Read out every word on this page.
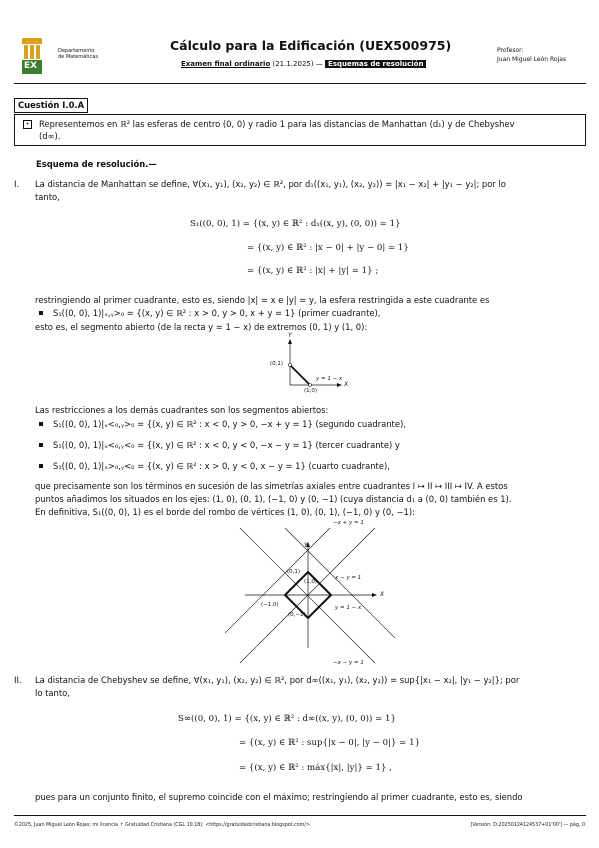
EX
Departamento
de Matemáticas
Cálculo para la Edificación (UEX500975)
Examen final ordinario (21.1.2025) — Esquemas de resolución
Profesor:
Juan Miguel León Rojas
Cuestión I.0.A
•	Representemos en ℝ² las esferas de centro (0, 0) y radio 1 para las distancias de Manhattan (d₁) y de Chebyshev
(d∞).
Esquema de resolución.—
I. La distancia de Manhattan se define, ∀(x₁, y₁), (x₂, y₂) ∈ ℝ², por d₁((x₁, y₁), (x₂, y₂)) = |x₁ − x₂| + |y₁ − y₂|; por lo
tanto,
S₁((0, 0), 1) = {(x, y) ∈ ℝ² : d₁((x, y), (0, 0)) = 1}
= {(x, y) ∈ ℝ² : |x − 0| + |y − 0| = 1}
= {(x, y) ∈ ℝ² : |x| + |y| = 1} ;
restringiendo al primer cuadrante, esto es, siendo |x| = x e |y| = y, la esfera restringida a este cuadrante es
S₁((0, 0), 1)|ₓ,ᵧ>₀ = {(x, y) ∈ ℝ² : x > 0, y > 0, x + y = 1} (primer cuadrante),
esto es, el segmento abierto (de la recta y = 1 − x) de extremos (0, 1) y (1, 0):
Y
X
(0,1)
(1,0)
y = 1 − x
Las restricciones a los demás cuadrantes son los segmentos abiertos:
S₁((0, 0), 1)|ₓ<₀,ᵧ>₀ = {(x, y) ∈ ℝ² : x < 0, y > 0, −x + y = 1} (segundo cuadrante),
S₁((0, 0), 1)|ₓ<₀,ᵧ<₀ = {(x, y) ∈ ℝ² : x < 0, y < 0, −x − y = 1} (tercer cuadrante) y
S₁((0, 0), 1)|ₓ>₀,ᵧ<₀ = {(x, y) ∈ ℝ² : x > 0, y < 0, x − y = 1} (cuarto cuadrante),
que precisamente son los términos en sucesión de las simetrías axiales entre cuadrantes I ↦ II ↦ III ↦ IV. A estos
puntos añadimos los situados en los ejes: (1, 0), (0, 1), (−1, 0) y (0, −1) (cuya distancia d₁ a (0, 0) también es 1).
En definitiva, S₁((0, 0), 1) es el borde del rombo de vértices (1, 0), (0, 1), (−1, 0) y (0, −1):
−x + y = 1
−x − y = 1
x − y = 1
y = 1 − x
Y
X
(0,1)
(1,0)
(−1,0)
(0,−1)
II. La distancia de Chebyshev se define, ∀(x₁, y₁), (x₂, y₂) ∈ ℝ², por d∞((x₁, y₁), (x₂, y₂)) = sup{|x₁ − x₂|, |y₁ − y₂|}; por
lo tanto,
S∞((0, 0), 1) = {(x, y) ∈ ℝ² : d∞((x, y), (0, 0)) = 1}
= {(x, y) ∈ ℝ² : sup{|x − 0|, |y − 0|} = 1}
= {(x, y) ∈ ℝ² : máx{|x|, |y|} = 1} ,
pues para un conjunto finito, el supremo coincide con el máximo; restringiendo al primer cuadrante, esto es, siendo
©2025, Juan Miguel León Rojas; mi licencia ↑ Gratuidad Cristiana (CGL 10.18): <https://gratuidadcristiana.blogspot.com/>.	[Versión: D:20250124124537+01'00'] — pág. 0
